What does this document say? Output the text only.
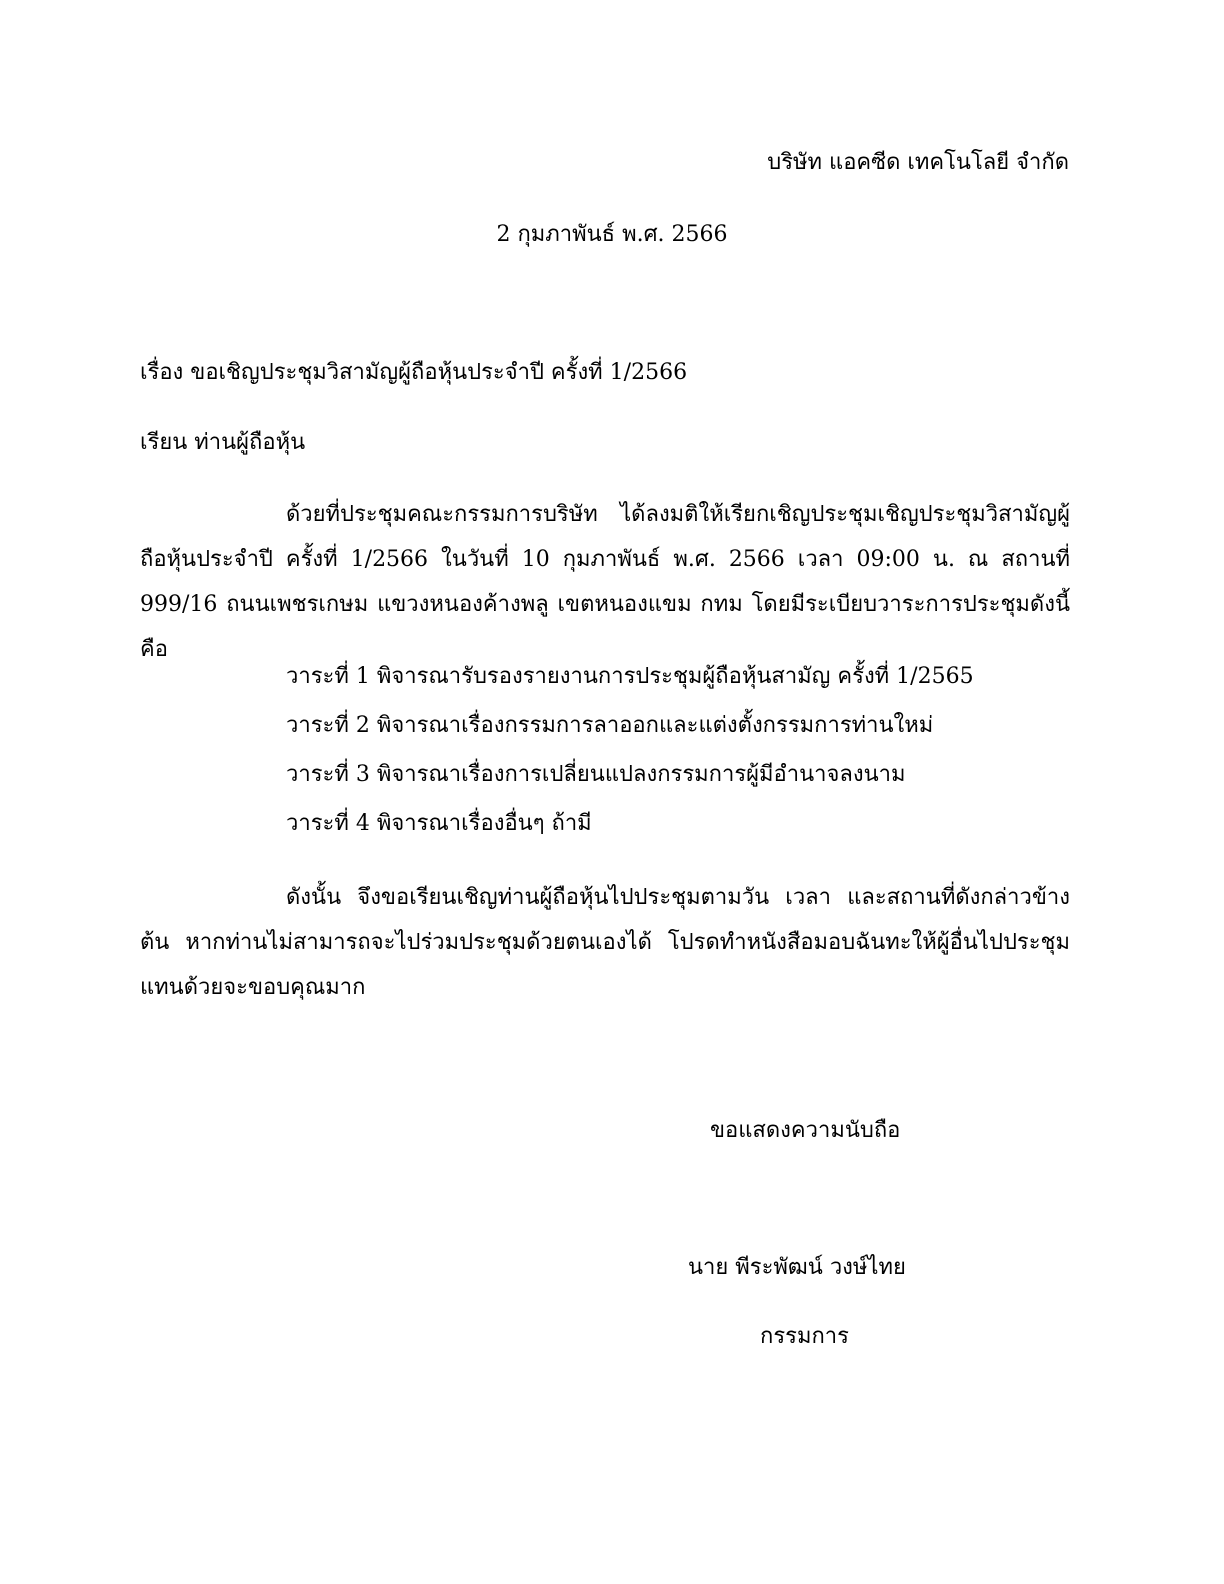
บริษัท แอคซีด เทคโนโลยี จำกัด
2 กุมภาพันธ์ พ.ศ. 2566
เรื่อง ขอเชิญประชุมวิสามัญผู้ถือหุ้นประจำปี ครั้งที่ 1/2566
เรียน ท่านผู้ถือหุ้น
ด้วยที่ประชุมคณะกรรมการบริษัท ได้ลงมติให้เรียกเชิญประชุมเชิญประชุมวิสามัญผู้ถือหุ้นประจำปี ครั้งที่ 1/2566 ในวันที่ 10 กุมภาพันธ์ พ.ศ. 2566 เวลา 09:00 น. ณ สถานที่ 999/16 ถนนเพชรเกษม แขวงหนองค้างพลู เขตหนองแขม กทม โดยมีระเบียบวาระการประชุมดังนี้ คือ
วาระที่ 1 พิจารณารับรองรายงานการประชุมผู้ถือหุ้นสามัญ ครั้งที่ 1/2565
วาระที่ 2 พิจารณาเรื่องกรรมการลาออกและแต่งตั้งกรรมการท่านใหม่
วาระที่ 3 พิจารณาเรื่องการเปลี่ยนแปลงกรรมการผู้มีอำนาจลงนาม
วาระที่ 4 พิจารณาเรื่องอื่นๆ ถ้ามี
ดังนั้น จึงขอเรียนเชิญท่านผู้ถือหุ้นไปประชุมตามวัน เวลา และสถานที่ดังกล่าวข้างต้น หากท่านไม่สามารถจะไปร่วมประชุมด้วยตนเองได้ โปรดทำหนังสือมอบฉันทะให้ผู้อื่นไปประชุมแทนด้วยจะขอบคุณมาก
ขอแสดงความนับถือ
นาย พีระพัฒน์ วงษ์ไทย
กรรมการ
